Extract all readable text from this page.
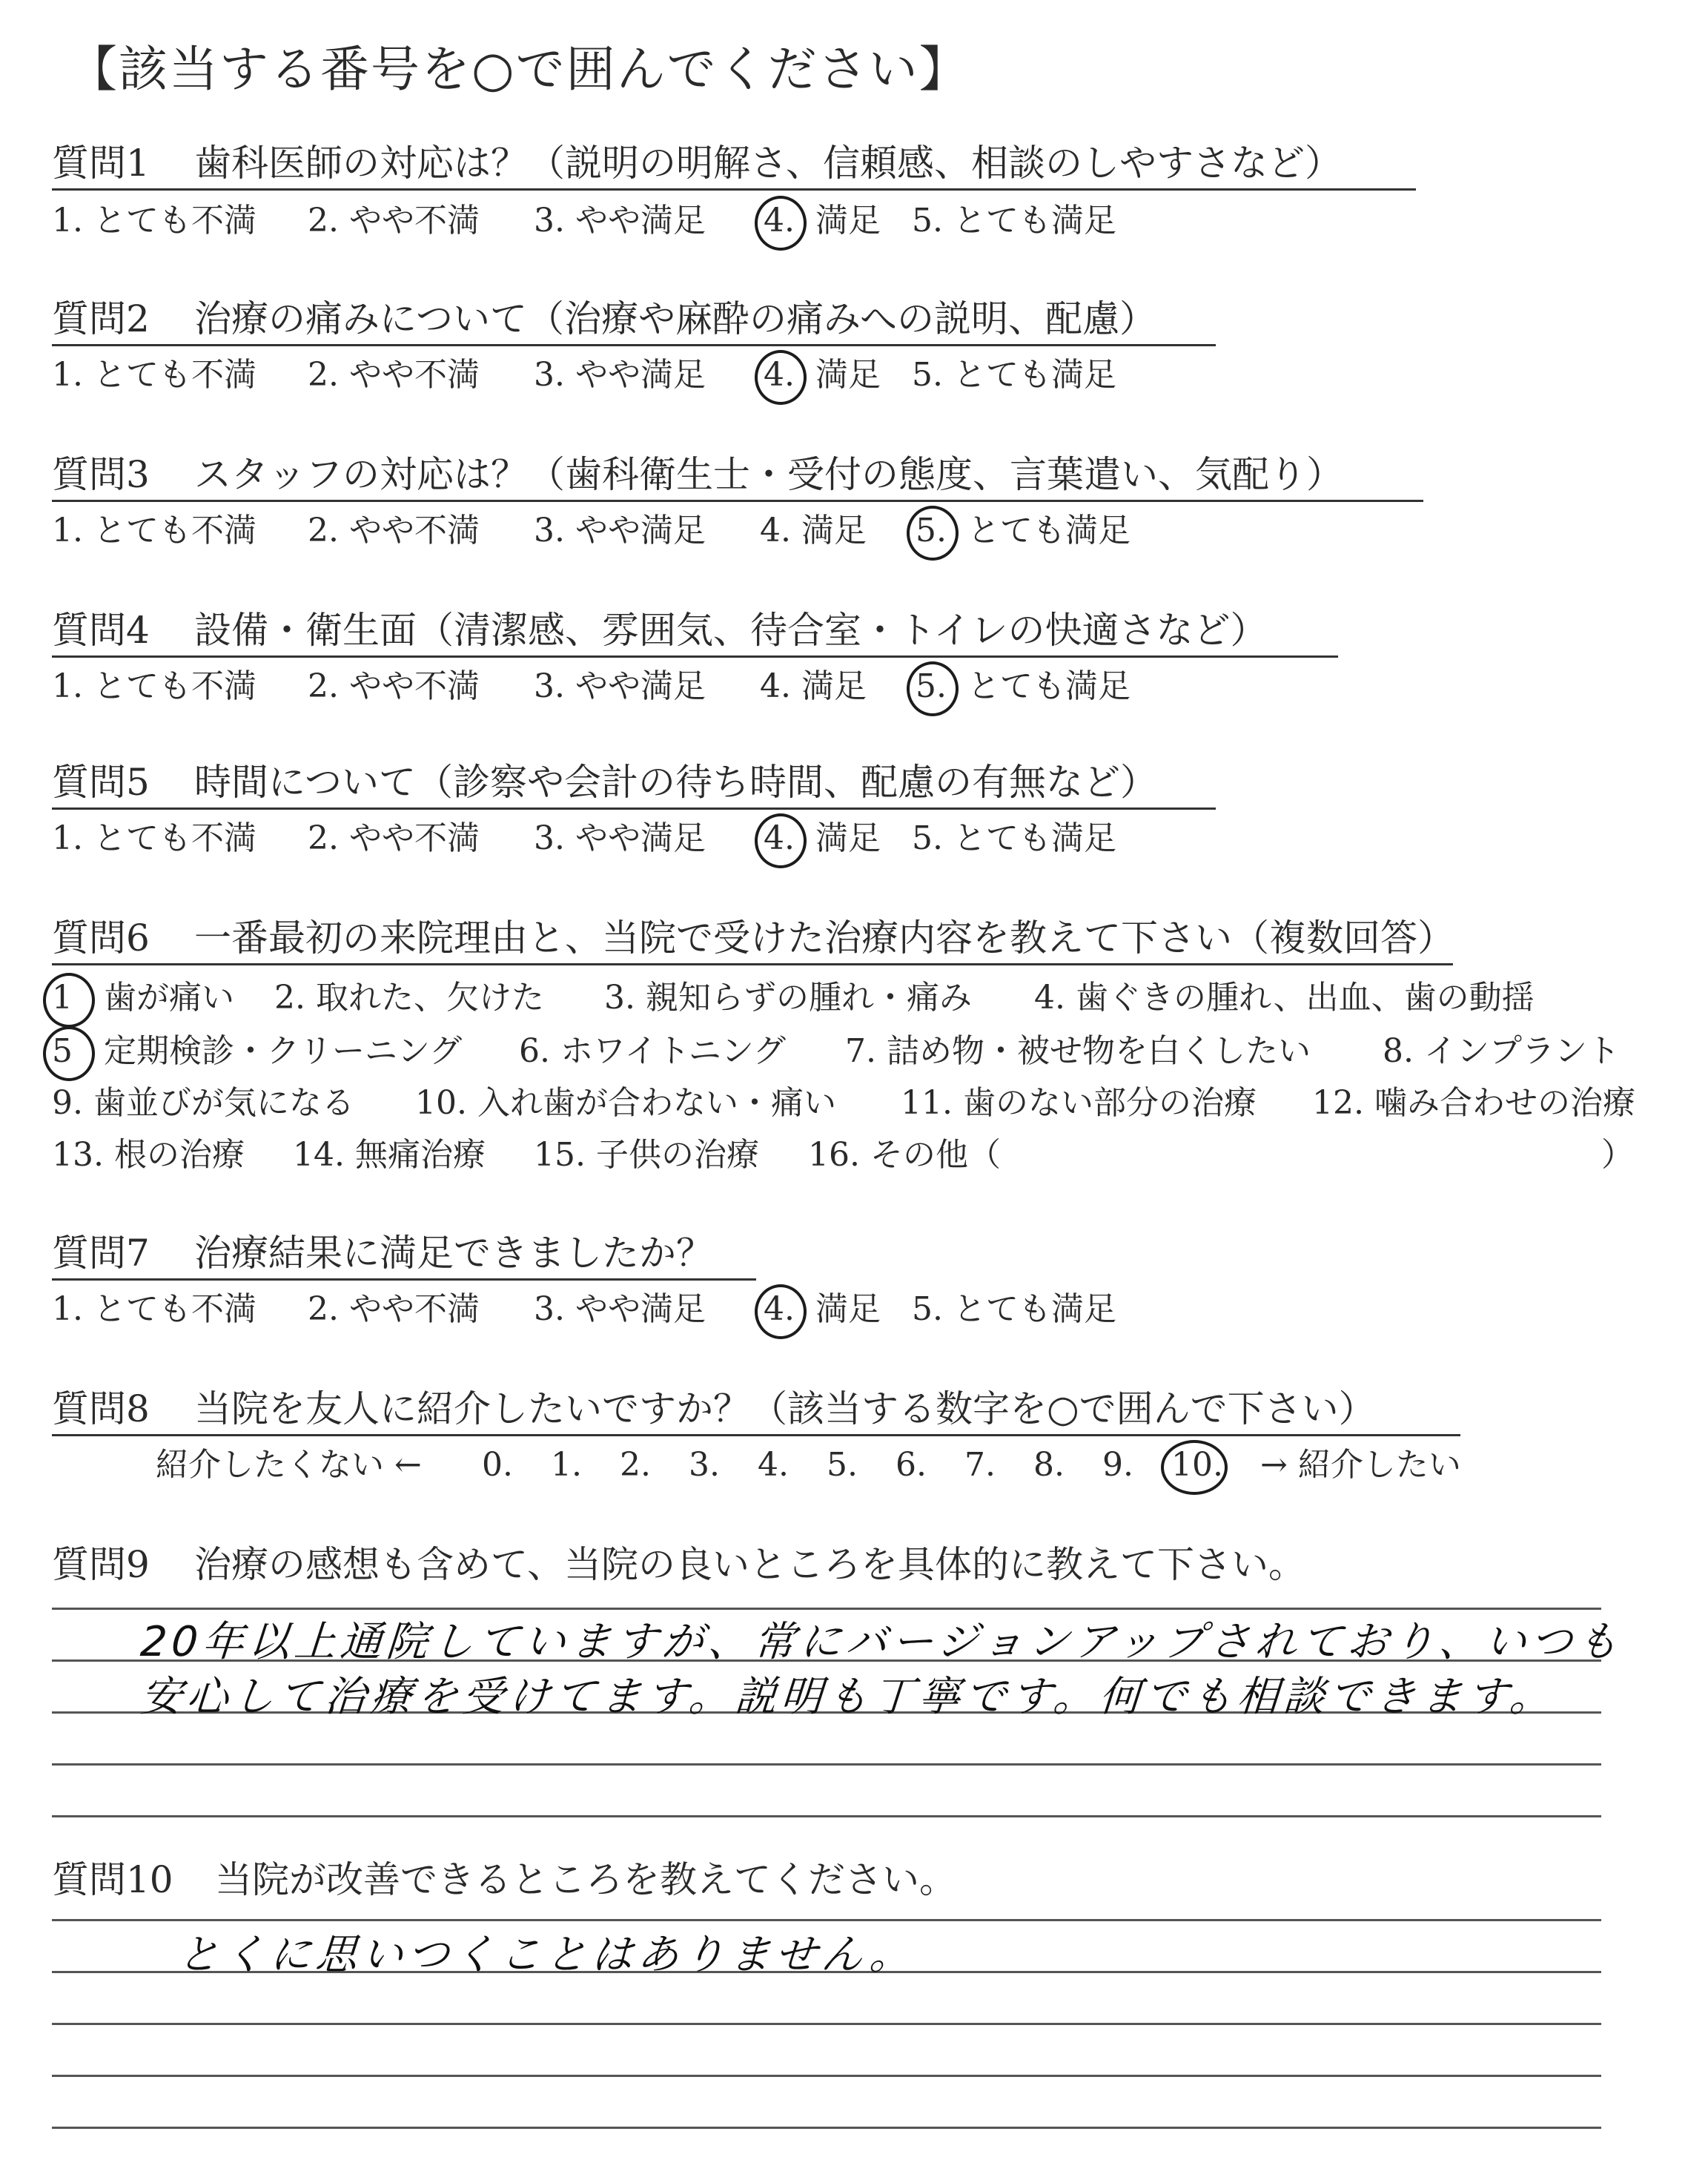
【該当する番号を○で囲んでください】
質問1 歯科医師の対応は？（説明の明解さ、信頼感、相談のしやすさなど）
1. とても不満 2. やや不満 3. やや満足 4. 満足 5. とても満足
質問2 治療の痛みについて（治療や麻酔の痛みへの説明、配慮）
1. とても不満 2. やや不満 3. やや満足 4. 満足 5. とても満足
質問3 スタッフの対応は？（歯科衛生士・受付の態度、言葉遣い、気配り）
1. とても不満 2. やや不満 3. やや満足 4. 満足 5. とても満足
質問4 設備・衛生面（清潔感、雰囲気、待合室・トイレの快適さなど）
1. とても不満 2. やや不満 3. やや満足 4. 満足 5. とても満足
質問5 時間について（診察や会計の待ち時間、配慮の有無など）
1. とても不満 2. やや不満 3. やや満足 4. 満足 5. とても満足
質問6 一番最初の来院理由と、当院で受けた治療内容を教えて下さい（複数回答）
1 歯が痛い 2. 取れた、欠けた 3. 親知らずの腫れ・痛み 4. 歯ぐきの腫れ、出血、歯の動揺
5 定期検診・クリーニング 6. ホワイトニング 7. 詰め物・被せ物を白くしたい 8. インプラント
9. 歯並びが気になる 10. 入れ歯が合わない・痛い 11. 歯のない部分の治療 12. 噛み合わせの治療
13. 根の治療 14. 無痛治療 15. 子供の治療 16. その他（	）
質問7 治療結果に満足できましたか？
1. とても不満 2. やや不満 3. やや満足 4. 満足 5. とても満足
質問8 当院を友人に紹介したいですか？（該当する数字を○で囲んで下さい）
紹介したくない ← 0. 1. 2. 3. 4. 5. 6. 7. 8. 9. 10. → 紹介したい
質問9 治療の感想も含めて、当院の良いところを具体的に教えて下さい。
20年以上通院していますが、常にバージョンアップされており、いつも
安心して治療を受けてます。説明も丁寧です。何でも相談できます。
質問10 当院が改善できるところを教えてください。
とくに思いつくことはありません。
